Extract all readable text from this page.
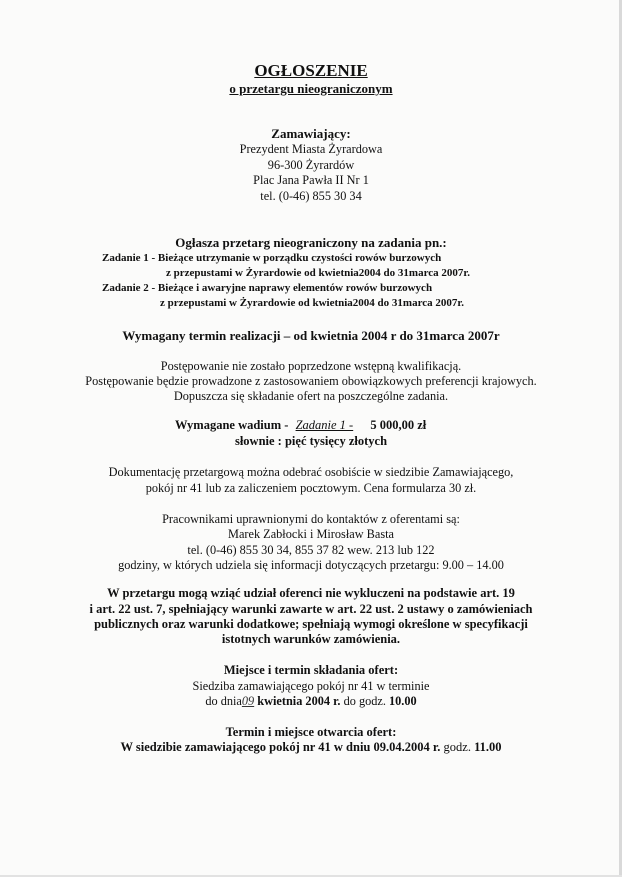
OGŁOSZENIE
o przetargu nieograniczonym
Zamawiający:
Prezydent Miasta Żyrardowa
96-300 Żyrardów
Plac Jana Pawła II Nr 1
tel. (0-46) 855 30 34
Ogłasza przetarg nieograniczony na zadania pn.:
Zadanie 1 - Bieżące utrzymanie w porządku czystości rowów burzowych
z przepustami w Żyrardowie od kwietnia2004 do 31marca 2007r.
Zadanie 2 - Bieżące i awaryjne naprawy elementów rowów burzowych
z przepustami w Żyrardowie od kwietnia2004 do 31marca 2007r.
Wymagany termin realizacji – od kwietnia 2004 r do 31marca 2007r
Postępowanie nie zostało poprzedzone wstępną kwalifikacją.
Postępowanie będzie prowadzone z zastosowaniem obowiązkowych preferencji krajowych.
Dopuszcza się składanie ofert na poszczególne zadania.
Wymagane wadium - Zadanie 1 - 5 000,00 zł
słownie : pięć tysięcy złotych
Dokumentację przetargową można odebrać osobiście w siedzibie Zamawiającego,
pokój nr 41 lub za zaliczeniem pocztowym. Cena formularza 30 zł.
Pracownikami uprawnionymi do kontaktów z oferentami są:
Marek Zabłocki i Mirosław Basta
tel. (0-46) 855 30 34, 855 37 82 wew. 213 lub 122
godziny, w których udziela się informacji dotyczących przetargu: 9.00 – 14.00
W przetargu mogą wziąć udział oferenci nie wykluczeni na podstawie art. 19
i art. 22 ust. 7, spełniający warunki zawarte w art. 22 ust. 2 ustawy o zamówieniach
publicznych oraz warunki dodatkowe; spełniają wymogi określone w specyfikacji
istotnych warunków zamówienia.
Miejsce i termin składania ofert:
Siedziba zamawiającego pokój nr 41 w terminie
do dnia09 kwietnia 2004 r. do godz. 10.00
Termin i miejsce otwarcia ofert:
W siedzibie zamawiającego pokój nr 41 w dniu 09.04.2004 r. godz. 11.00
